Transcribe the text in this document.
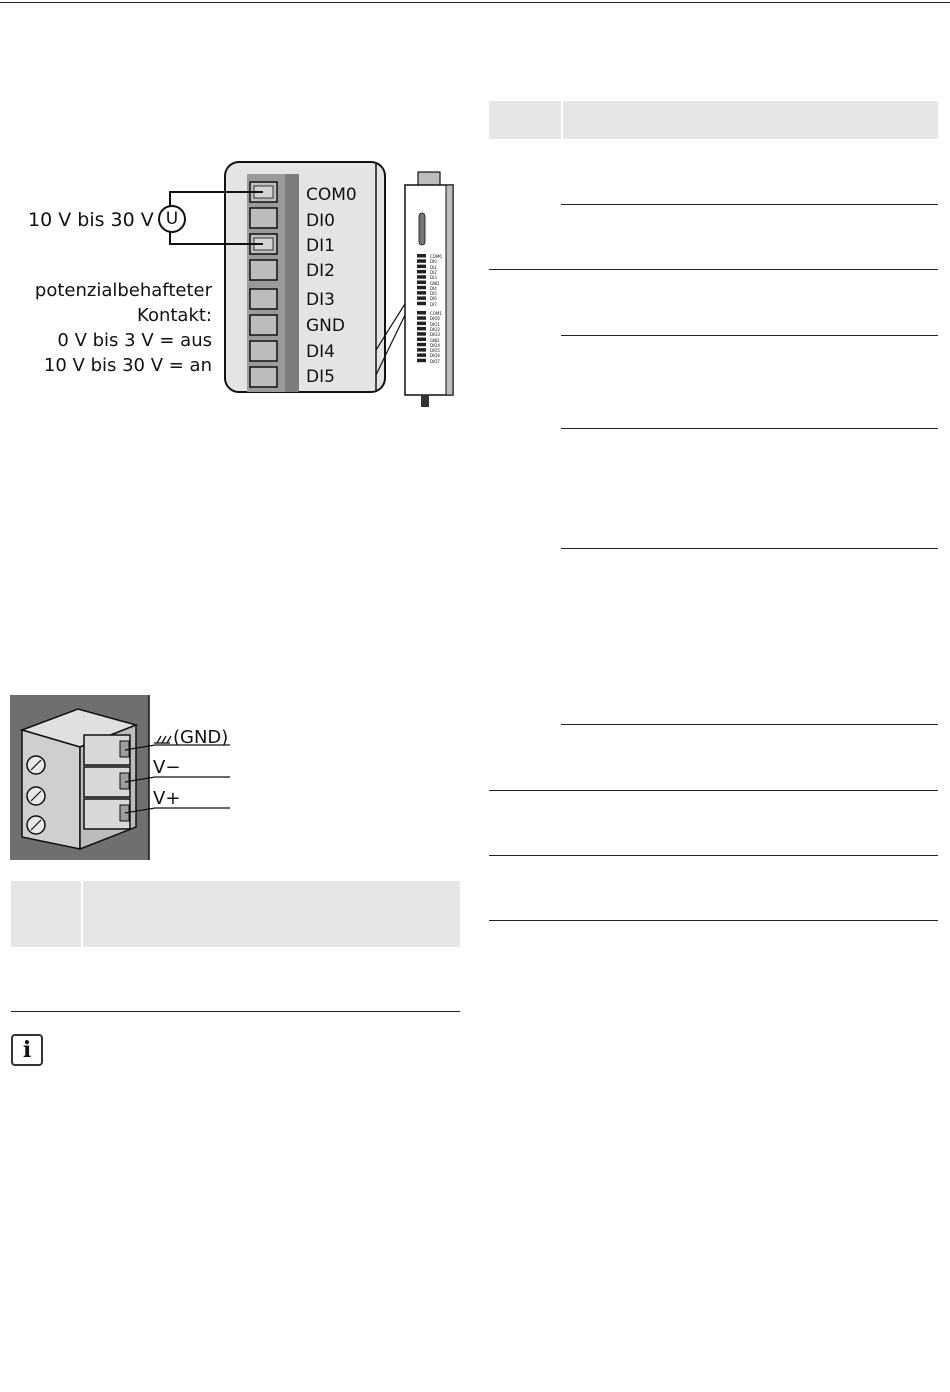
10 V bis 30 V U
potenzialbehafteter
Kontakt:
0 V bis 3 V = aus
10 V bis 30 V = an
COM0
DI0
DI1
DI2
DI3
GND
DI4
DI5
COM0
DI0
DI1
DI2
DI3
GND
DI4
DI5
DI6
DI7
COM1
DIO0
DIO1
DIO2
DIO3
GND
DIO4
DIO5
DIO6
DIO7
(GND)
V−
V+
i
